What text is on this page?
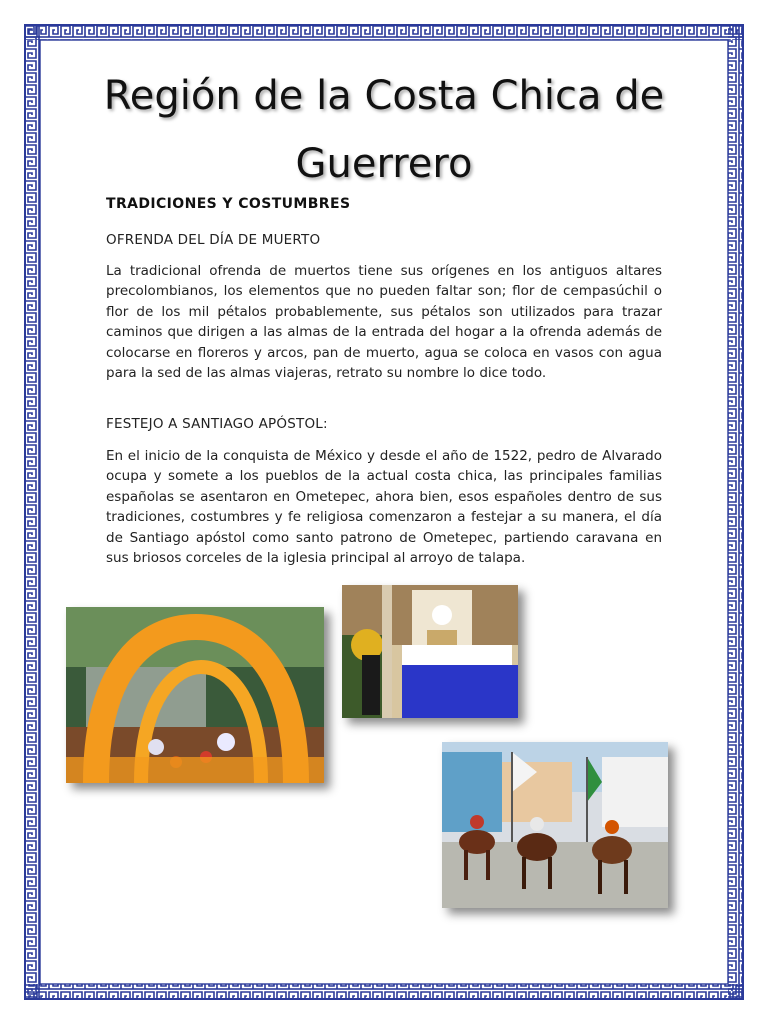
Región de la Costa Chica de Guerrero
TRADICIONES Y COSTUMBRES
OFRENDA DEL DÍA DE MUERTO
La tradicional ofrenda de muertos tiene sus orígenes en los antiguos altares precolombianos, los elementos que no pueden faltar son; flor de cempasúchil o flor de los mil pétalos probablemente, sus pétalos son utilizados para trazar caminos que dirigen a las almas de la entrada del hogar a la ofrenda además de colocarse en floreros y arcos, pan de muerto, agua se coloca en vasos con agua para la sed de las almas viajeras, retrato su nombre lo dice todo.
FESTEJO A SANTIAGO APÓSTOL:
En el inicio de la conquista de México y desde el año de 1522, pedro de Alvarado ocupa y somete a los pueblos de la actual costa chica, las principales familias españolas se asentaron en Ometepec, ahora bien, esos españoles dentro de sus tradiciones, costumbres y fe religiosa comenzaron a festejar a su manera, el día de Santiago apóstol como santo patrono de Ometepec, partiendo caravana en sus briosos corceles de la iglesia principal al arroyo de talapa.
